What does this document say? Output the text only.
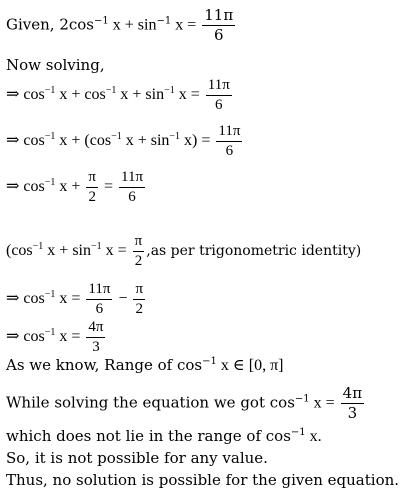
Given, $2\cos^{-1}$ $x + \sin^{-1} x = \frac{11\pi}{6}$
Now solving,
⇒ $\cos^{-1} x + \cos^{-1} x + \sin^{-1} x = \frac{11\pi}{6}$
⇒ $\cos^{-1} x + (\cos^{-1}$ $x + \sin^{-1} x) = \frac{11\pi}{6}$
⇒ $\cos^{-1} x + \frac{\pi}{2} = \frac{11\pi}{6}$
($\cos^{-1}$ $x + \sin^{-1} x = \frac{\pi}{2} ,as$ per trigonometric identity)
⇒ $\cos^{-1} x = \frac{11\pi}{6} - \frac{\pi}{2}$
⇒ $\cos^{-1} x = \frac{4\pi}{3}$
As we know, Range of $\cos^{-1} x$ ∈ [0, π]
While solving the equation we got $\cos^{-1} x = \frac{4\pi}{3}$
which does not lie in the range of $\cos^{-1} x$.
So, it is not possible for any value.
Thus, no solution is possible for the given equation.
